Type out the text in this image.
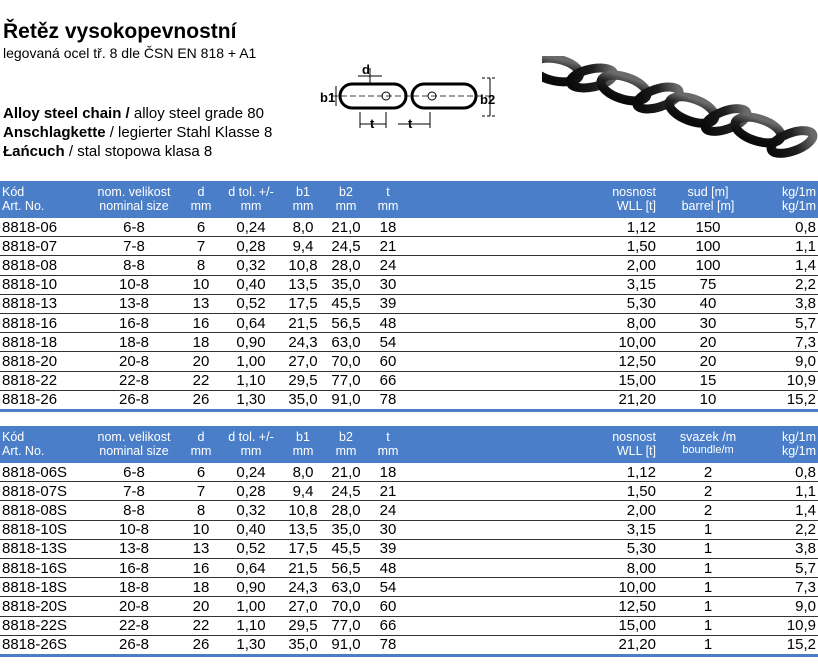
Řetěz vysokopevnostní
legovaná ocel tř. 8 dle ČSN EN 818 + A1
Alloy steel chain / alloy steel grade 80
Anschlagkette / legierter Stahl Klasse 8
Łańcuch / stal stopowa klasa 8
d
b1	b2
t	t
Kód	nom. velikost	d	d tol. +/-	b1	b2	t	nosnost	sud [m]	kg/1m
Art. No.	nominal size	mm	mm	mm	mm	mm	WLL [t]	barrel [m]	kg/1m
8818-06	6-8	6	0,24	8,0	21,0	18	1,12	150	0,8
8818-07	7-8	7	0,28	9,4	24,5	21	1,50	100	1,1
8818-08	8-8	8	0,32	10,8	28,0	24	2,00	100	1,4
8818-10	10-8	10	0,40	13,5	35,0	30	3,15	75	2,2
8818-13	13-8	13	0,52	17,5	45,5	39	5,30	40	3,8
8818-16	16-8	16	0,64	21,5	56,5	48	8,00	30	5,7
8818-18	18-8	18	0,90	24,3	63,0	54	10,00	20	7,3
8818-20	20-8	20	1,00	27,0	70,0	60	12,50	20	9,0
8818-22	22-8	22	1,10	29,5	77,0	66	15,00	15	10,9
8818-26	26-8	26	1,30	35,0	91,0	78	21,20	10	15,2
Kód	nom. velikost	d	d tol. +/-	b1	b2	t	nosnost	svazek /m	kg/1m
Art. No.	nominal size	mm	mm	mm	mm	mm	WLL [t]	boundle/m	kg/1m
8818-06S	6-8	6	0,24	8,0	21,0	18	1,12	2	0,8
8818-07S	7-8	7	0,28	9,4	24,5	21	1,50	2	1,1
8818-08S	8-8	8	0,32	10,8	28,0	24	2,00	2	1,4
8818-10S	10-8	10	0,40	13,5	35,0	30	3,15	1	2,2
8818-13S	13-8	13	0,52	17,5	45,5	39	5,30	1	3,8
8818-16S	16-8	16	0,64	21,5	56,5	48	8,00	1	5,7
8818-18S	18-8	18	0,90	24,3	63,0	54	10,00	1	7,3
8818-20S	20-8	20	1,00	27,0	70,0	60	12,50	1	9,0
8818-22S	22-8	22	1,10	29,5	77,0	66	15,00	1	10,9
8818-26S	26-8	26	1,30	35,0	91,0	78	21,20	1	15,2
